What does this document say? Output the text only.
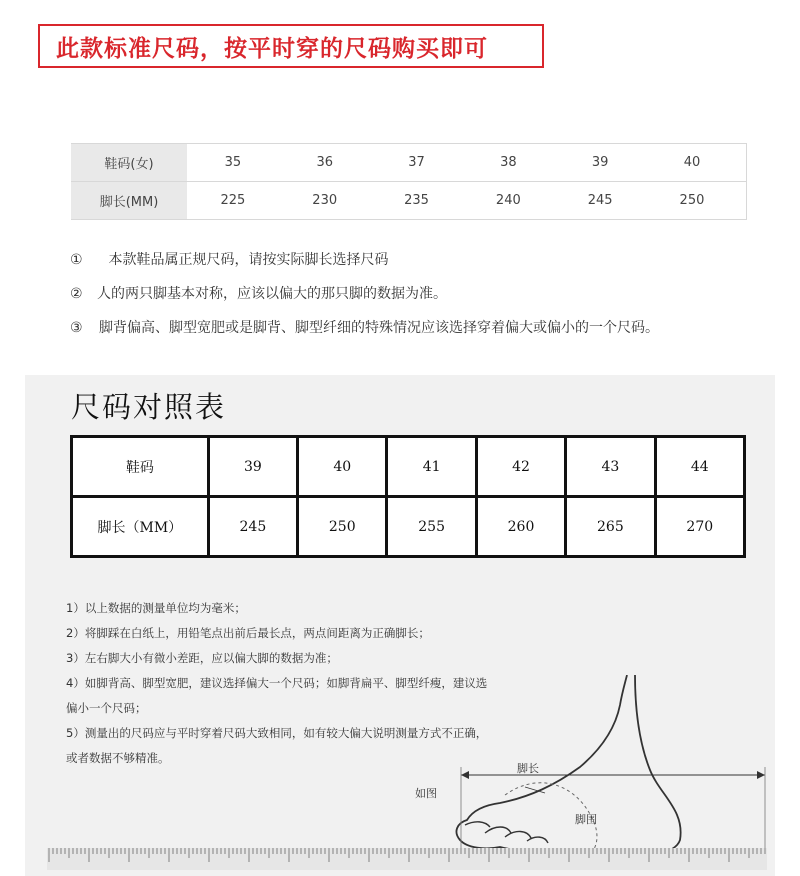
此款标准尺码，按平时穿的尺码购买即可
鞋码(女)	35	36	37	38	39	40	
脚长(MM)	225	230	235	240	245	250	
① 本款鞋品属正规尺码，请按实际脚长选择尺码
② 人的两只脚基本对称，应该以偏大的那只脚的数据为准。
③ 脚背偏高、脚型宽肥或是脚背、脚型纤细的特殊情况应该选择穿着偏大或偏小的一个尺码。
尺码对照表
鞋码	39	40	41	42	43	44
脚长（MM）	245	250	255	260	265	270
1）以上数据的测量单位均为毫米；
2）将脚踩在白纸上，用铅笔点出前后最长点，两点间距离为正确脚长；
3）左右脚大小有微小差距，应以偏大脚的数据为准；
4）如脚背高、脚型宽肥，建议选择偏大一个尺码；如脚背扁平、脚型纤瘦，建议选
偏小一个尺码；
5）测量出的尺码应与平时穿着尺码大致相同，如有较大偏大说明测量方式不正确，
或者数据不够精准。
脚长
如图
脚围
